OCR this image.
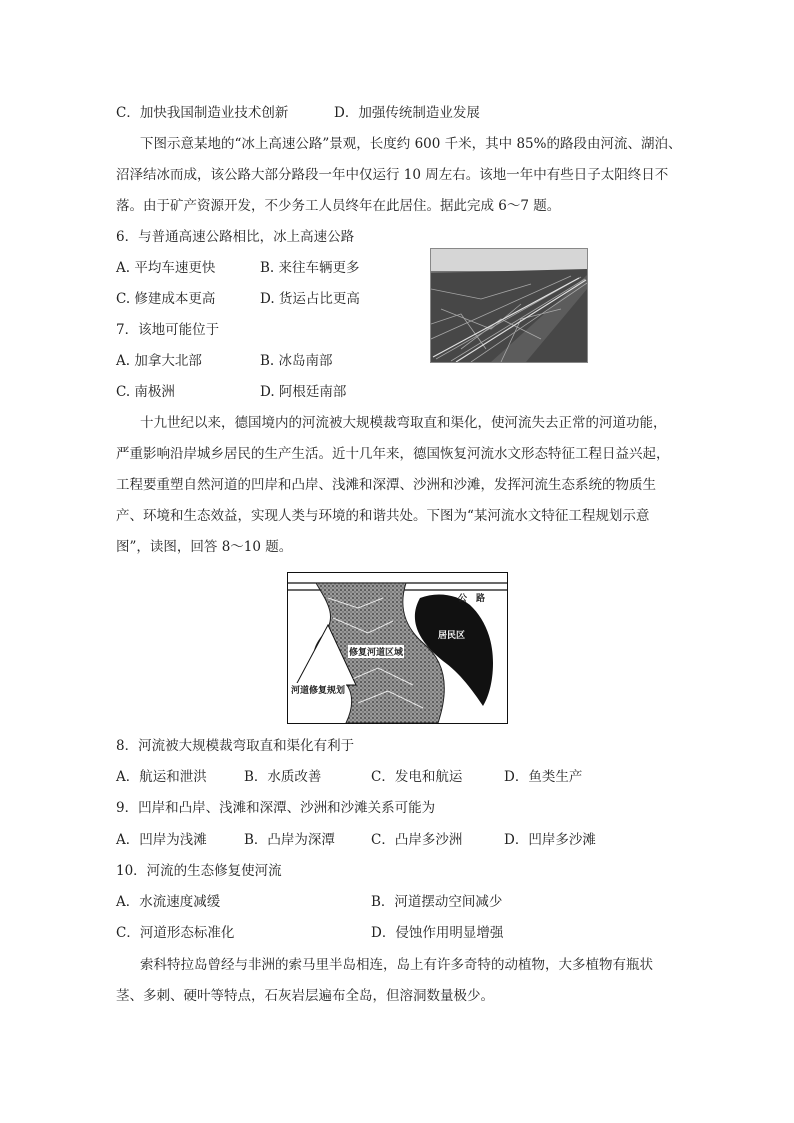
C．加快我国制造业技术创新	D．加强传统制造业发展
下图示意某地的“冰上高速公路”景观，长度约 600 千米，其中 85%的路段由河流、湖泊、
沼泽结冰而成，该公路大部分路段一年中仅运行 10 周左右。该地一年中有些日子太阳终日不
落。由于矿产资源开发，不少务工人员终年在此居住。据此完成 6～7 题。
6．与普通高速公路相比，冰上高速公路
A. 平均车速更快	B. 来往车辆更多
C. 修建成本更高	D. 货运占比更高
7．该地可能位于
A. 加拿大北部	B. 冰岛南部
C. 南极洲	D. 阿根廷南部
十九世纪以来，德国境内的河流被大规模裁弯取直和渠化，使河流失去正常的河道功能，
严重影响沿岸城乡居民的生产生活。近十几年来，德国恢复河流水文形态特征工程日益兴起，
工程要重塑自然河道的凹岸和凸岸、浅滩和深潭、沙洲和沙滩，发挥河流生态系统的物质生
产、环境和生态效益，实现人类与环境的和谐共处。下图为“某河流水文特征工程规划示意
图”，读图，回答 8～10 题。
公　路
居民区
修复河道区域
河道修复规划
8．河流被大规模裁弯取直和渠化有利于
A．航运和泄洪	B．水质改善	C．发电和航运	D．鱼类生产
9．凹岸和凸岸、浅滩和深潭、沙洲和沙滩关系可能为
A．凹岸为浅滩	B．凸岸为深潭	C．凸岸多沙洲	D．凹岸多沙滩
10．河流的生态修复使河流
A．水流速度减缓	B．河道摆动空间减少
C．河道形态标准化	D．侵蚀作用明显增强
索科特拉岛曾经与非洲的索马里半岛相连，岛上有许多奇特的动植物，大多植物有瓶状
茎、多刺、硬叶等特点，石灰岩层遍布全岛，但溶洞数量极少。
